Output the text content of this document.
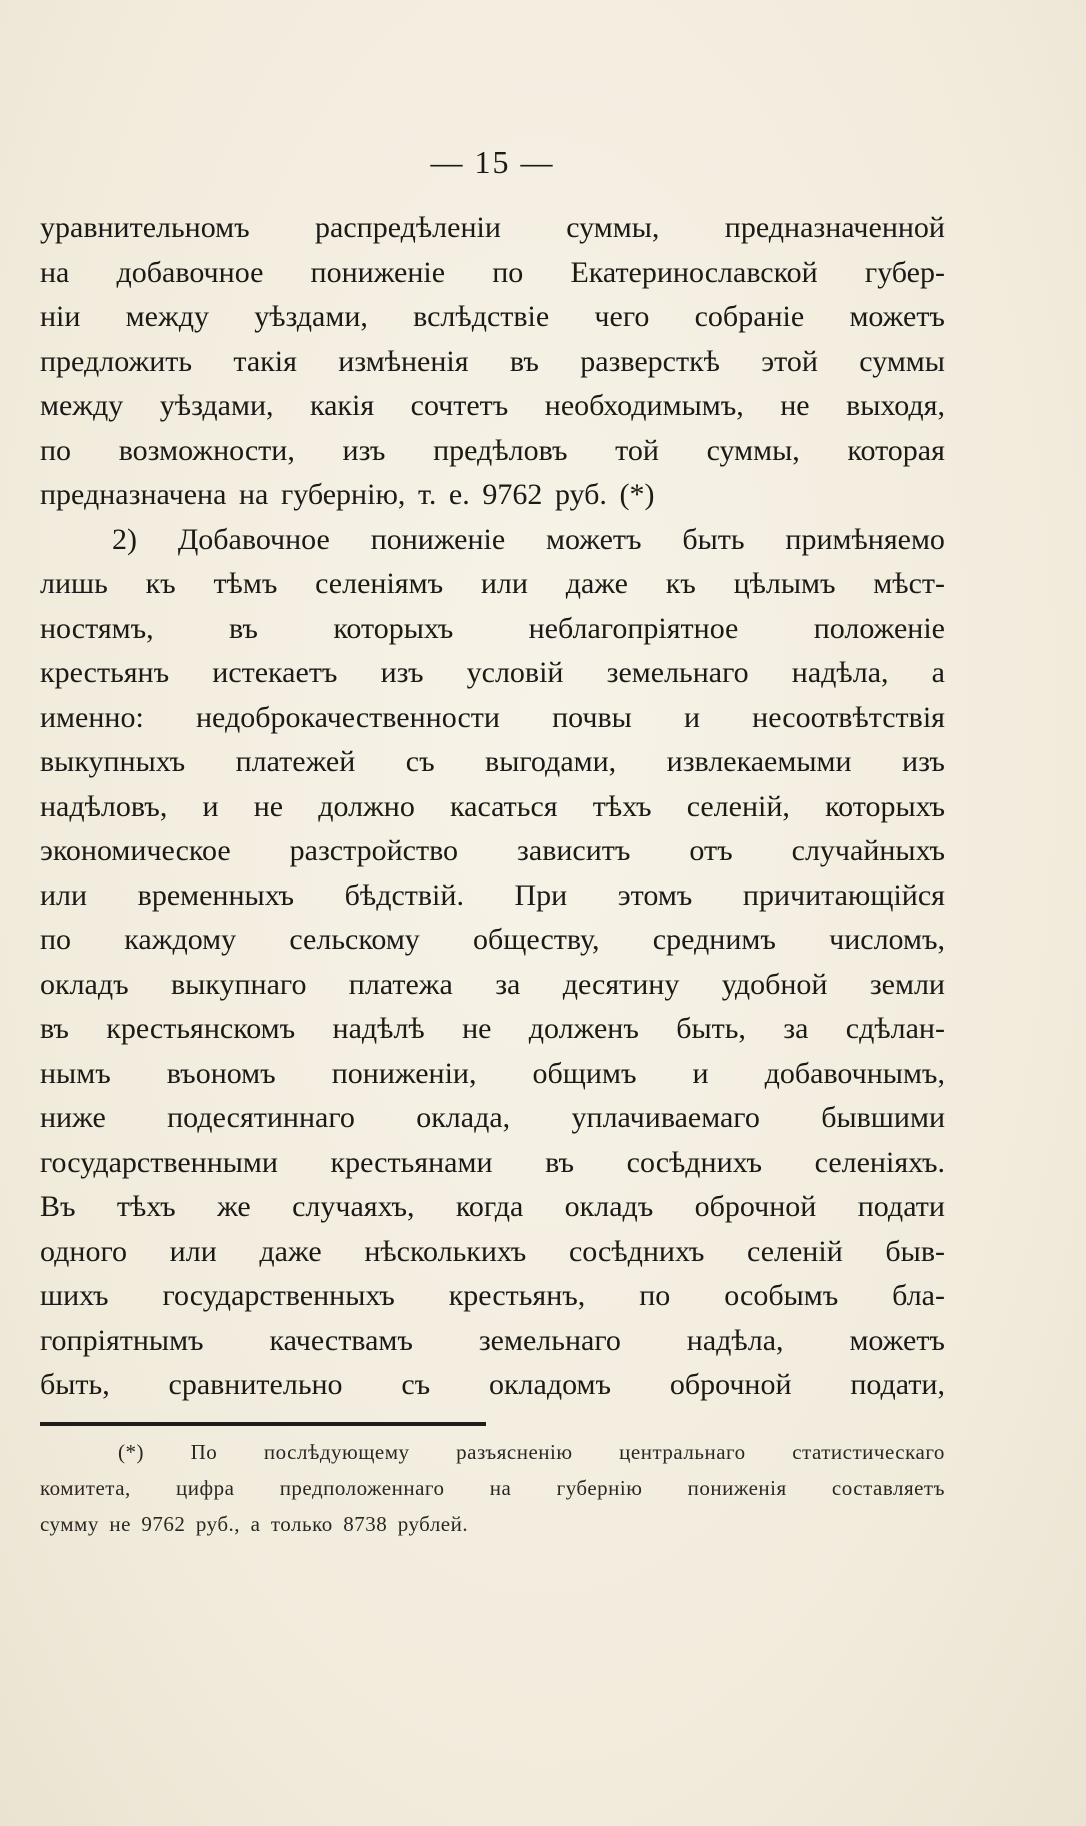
— 15 —
уравнительномъ распредѣленіи суммы, предназначенной
на добавочное пониженіе по Екатеринославской губер-
ніи между уѣздами, вслѣдствіе чего собраніе можетъ
предложить такія измѣненія въ разверсткѣ этой суммы
между уѣздами, какія сочтетъ необходимымъ, не выходя,
по возможности, изъ предѣловъ той суммы, которая
предназначена на губернію, т. е. 9762 руб. (*)
2) Добавочное пониженіе можетъ быть примѣняемо
лишь къ тѣмъ селеніямъ или даже къ цѣлымъ мѣст-
ностямъ,	въ	которыхъ	неблагопріятное	положеніе
крестьянъ истекаетъ изъ условій земельнаго надѣла, а
именно: недоброкачественности почвы и несоотвѣтствія
выкупныхъ платежей съ выгодами, извлекаемыми изъ
надѣловъ, и не должно касаться тѣхъ селеній, которыхъ
экономическое разстройство зависитъ отъ случайныхъ
или временныхъ бѣдствій. При этомъ причитающійся
по каждому сельскому обществу, среднимъ числомъ,
окладъ выкупнаго платежа за десятину удобной земли
въ крестьянскомъ надѣлѣ не долженъ быть, за сдѣлан-
нымъ въономъ пониженіи, общимъ и добавочнымъ,
ниже подесятиннаго оклада, уплачиваемаго бывшими
государственными крестьянами въ сосѣднихъ селеніяхъ.
Въ тѣхъ же случаяхъ, когда окладъ оброчной подати
одного или даже нѣсколькихъ сосѣднихъ селеній быв-
шихъ государственныхъ крестьянъ, по особымъ бла-
гопріятнымъ качествамъ земельнаго надѣла, можетъ
быть, сравнительно съ окладомъ оброчной подати,
(*) По послѣдующему разъясненію центральнаго статистическаго
комитета, цифра предположеннаго на губернію пониженія составляетъ
сумму не 9762 руб., а только 8738 рублей.
